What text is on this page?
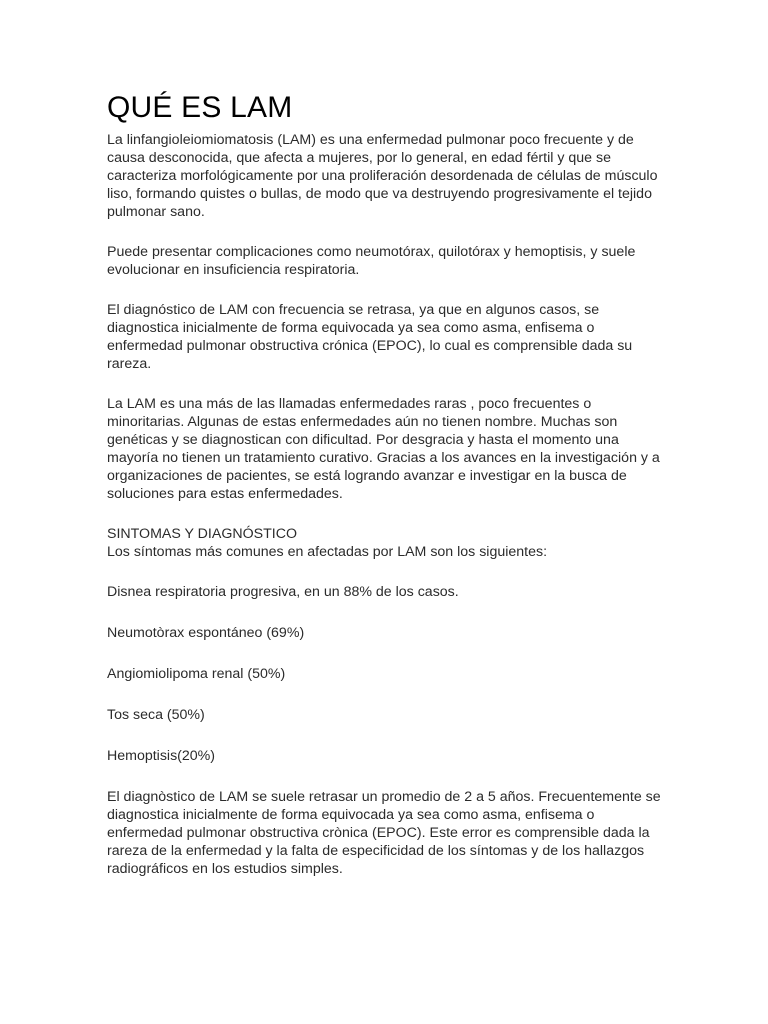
QUÉ ES LAM

La linfangioleiomiomatosis (LAM) es una enfermedad pulmonar poco frecuente y de causa desconocida, que afecta a mujeres, por lo general, en edad fértil y que se caracteriza morfológicamente por una proliferación desordenada de células de músculo liso, formando quistes o bullas, de modo que va destruyendo progresivamente el tejido pulmonar sano.

Puede presentar complicaciones como neumotórax, quilotórax y hemoptisis, y suele evolucionar en insuficiencia respiratoria.

El diagnóstico de LAM con frecuencia se retrasa, ya que en algunos casos, se diagnostica inicialmente de forma equivocada ya sea como asma, enfisema o enfermedad pulmonar obstructiva crónica (EPOC), lo cual es comprensible dada su rareza.

La LAM es una más de las llamadas enfermedades raras , poco frecuentes o minoritarias. Algunas de estas enfermedades aún no tienen nombre. Muchas son genéticas y se diagnostican con dificultad. Por desgracia y hasta el momento una mayoría no tienen un tratamiento curativo. Gracias a los avances en la investigación y a organizaciones de pacientes, se está logrando avanzar e investigar en la busca de soluciones para estas enfermedades.

SINTOMAS Y DIAGNÓSTICO

Los síntomas más comunes en afectadas por LAM son los siguientes:

Disnea respiratoria progresiva, en un 88% de los casos.

Neumotòrax espontáneo (69%)

Angiomiolipoma renal (50%)

Tos seca (50%)

Hemoptisis(20%)

El diagnòstico de LAM se suele retrasar un promedio de 2 a 5 años. Frecuentemente se diagnostica inicialmente de forma equivocada ya sea como asma, enfisema o enfermedad pulmonar obstructiva crònica (EPOC). Este error es comprensible dada la rareza de la enfermedad y la falta de especificidad de los síntomas y de los hallazgos radiográficos en los estudios simples.
